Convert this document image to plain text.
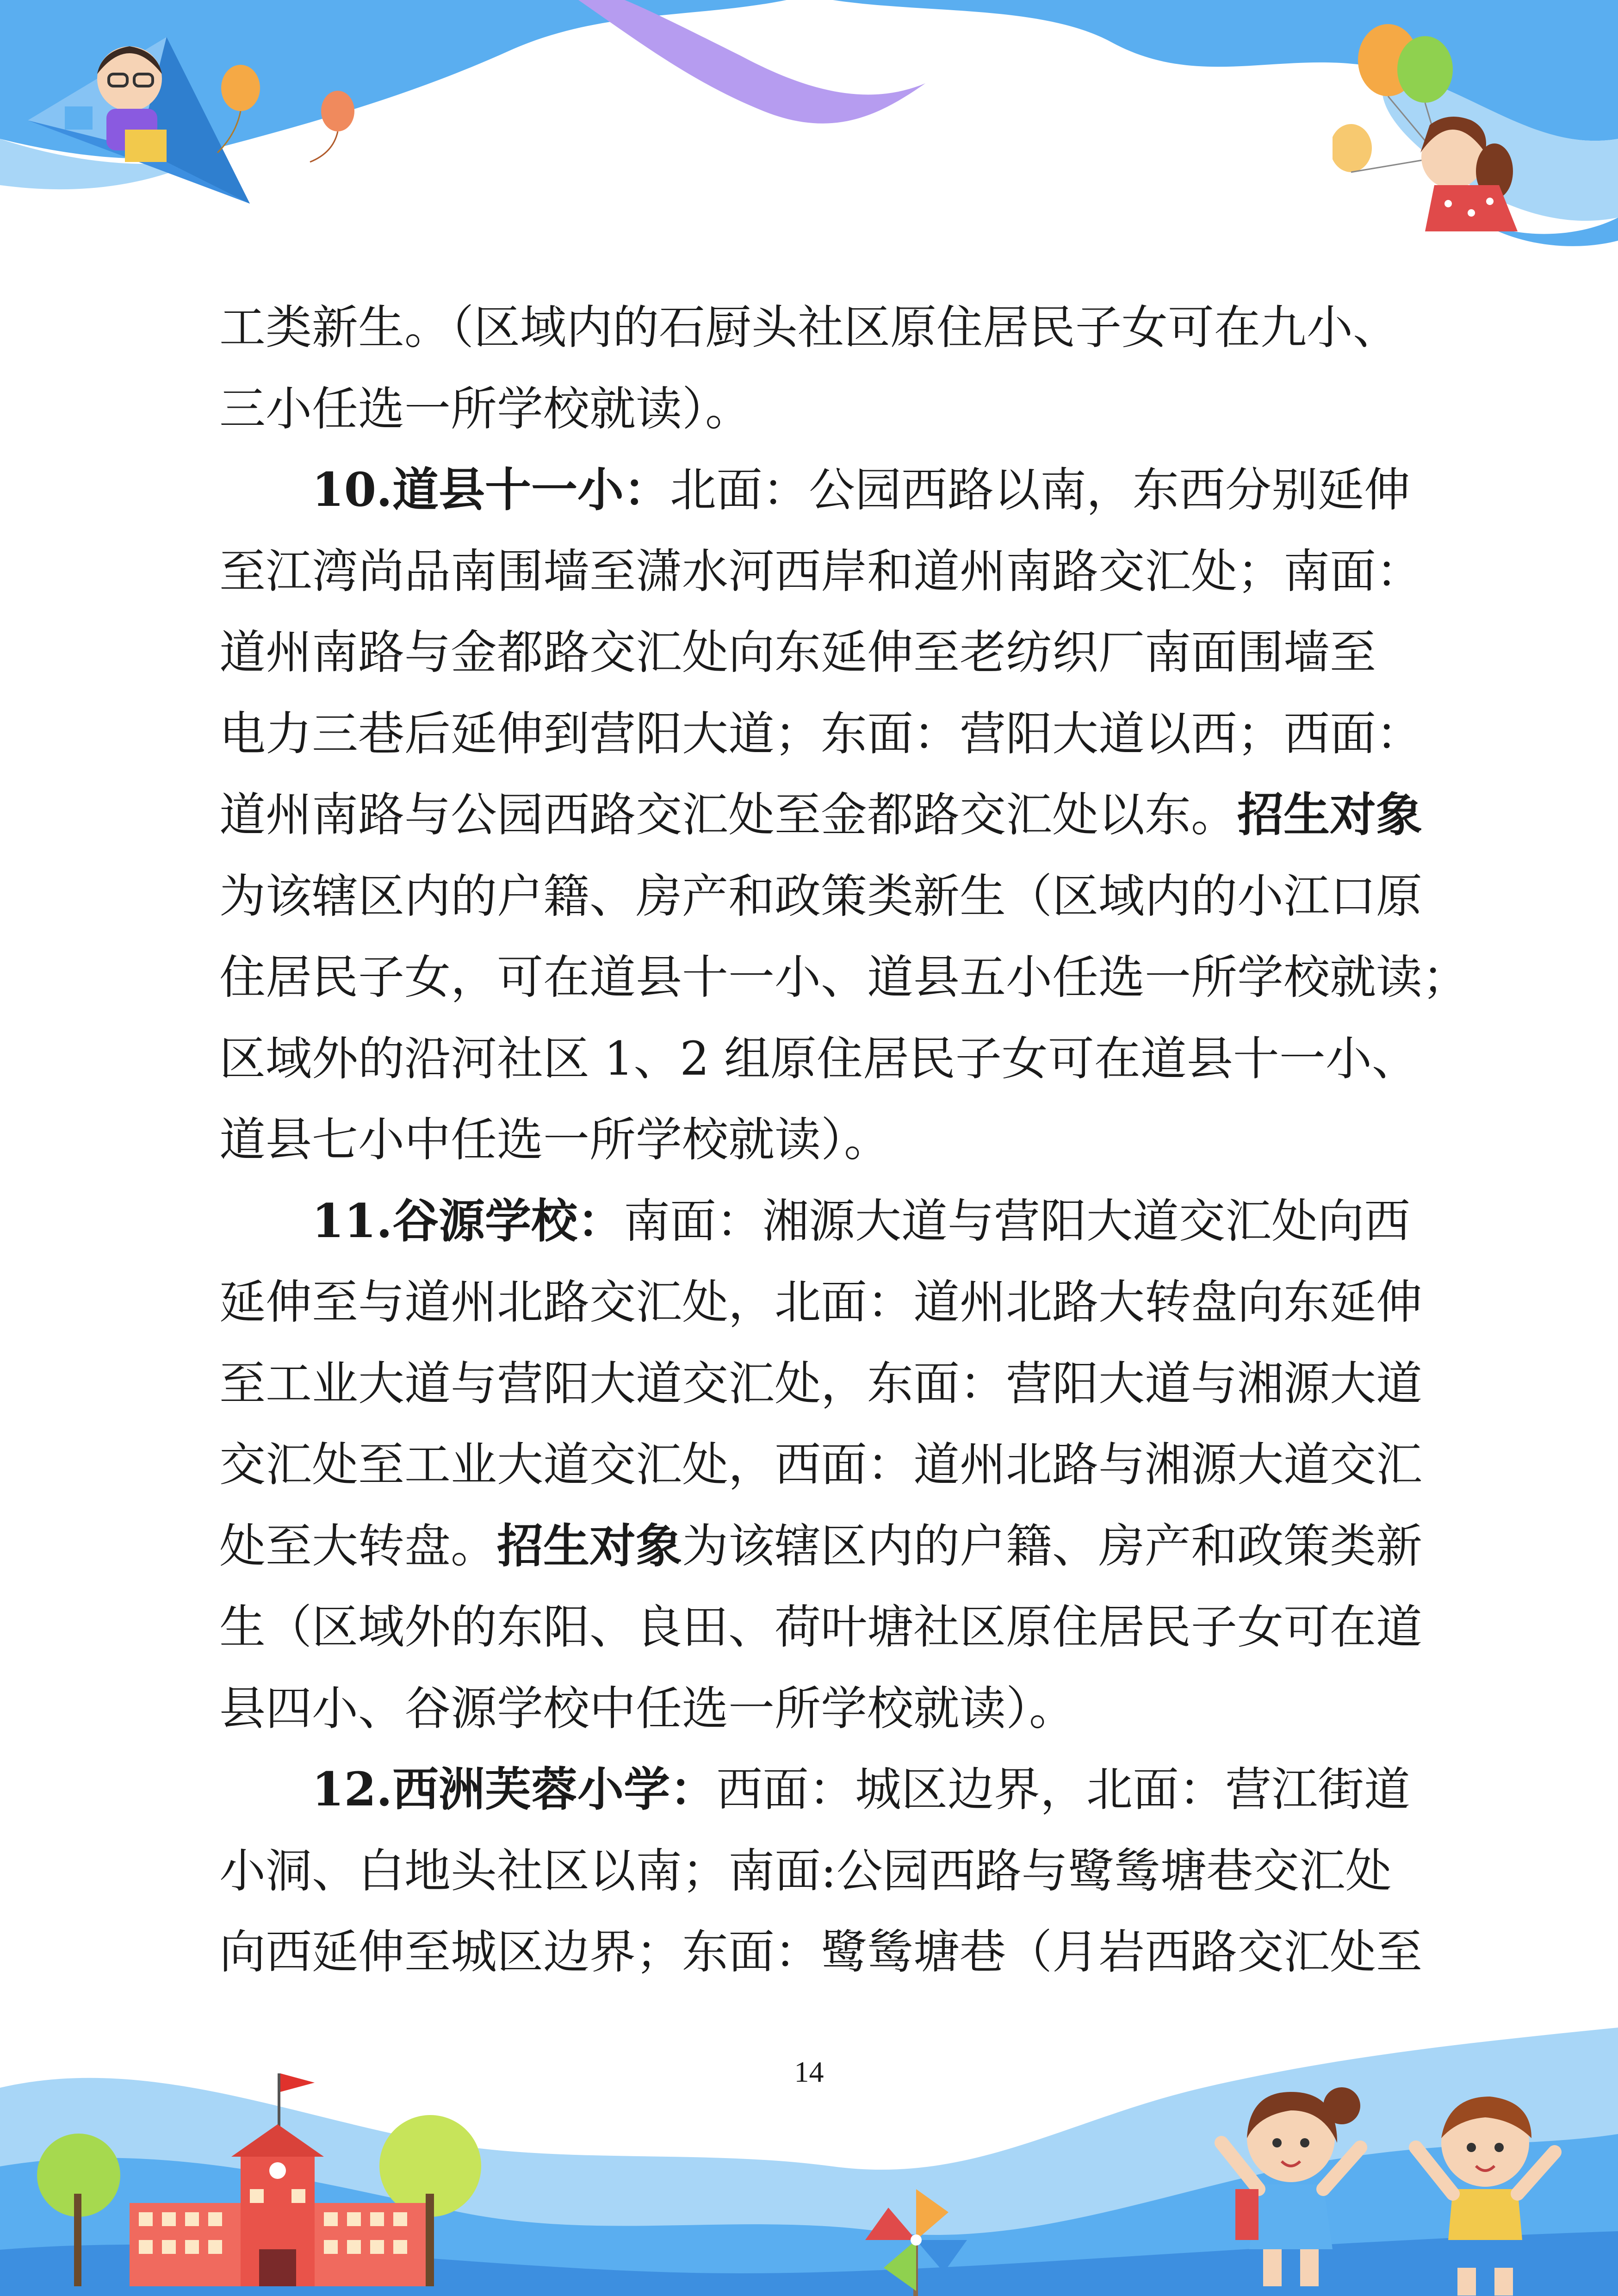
工类新生。（区域内的石厨头社区原住居民子女可在九小、
三小任选一所学校就读）。
10.道县十一小：北面：公园西路以南，东西分别延伸
至江湾尚品南围墙至潇水河西岸和道州南路交汇处；南面：
道州南路与金都路交汇处向东延伸至老纺织厂南面围墙至
电力三巷后延伸到营阳大道；东面：营阳大道以西；西面：
道州南路与公园西路交汇处至金都路交汇处以东。招生对象
为该辖区内的户籍、房产和政策类新生（区域内的小江口原
住居民子女，可在道县十一小、道县五小任选一所学校就读；
区域外的沿河社区 1、2 组原住居民子女可在道县十一小、
道县七小中任选一所学校就读）。
11.谷源学校：南面：湘源大道与营阳大道交汇处向西
延伸至与道州北路交汇处，北面：道州北路大转盘向东延伸
至工业大道与营阳大道交汇处，东面：营阳大道与湘源大道
交汇处至工业大道交汇处，西面：道州北路与湘源大道交汇
处至大转盘。招生对象为该辖区内的户籍、房产和政策类新
生（区域外的东阳、良田、荷叶塘社区原住居民子女可在道
县四小、谷源学校中任选一所学校就读）。
12.西洲芙蓉小学：西面：城区边界，北面：营江街道
小洞、白地头社区以南；南面:公园西路与鹭鸶塘巷交汇处
向西延伸至城区边界；东面：鹭鸶塘巷（月岩西路交汇处至
14
